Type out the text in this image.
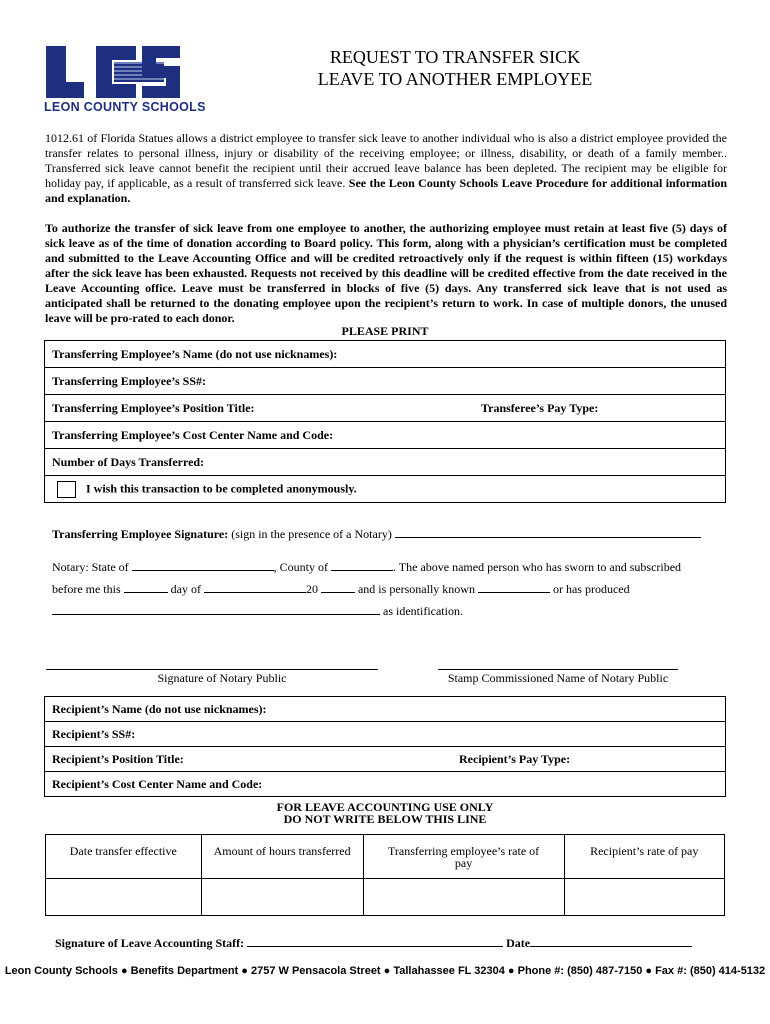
LEON COUNTY SCHOOLS
REQUEST TO TRANSFER SICK
LEAVE TO ANOTHER EMPLOYEE
1012.61 of Florida Statues allows a district employee to transfer sick leave to another individual who is also a district employee provided the transfer relates to personal illness, injury or disability of the receiving employee; or illness, disability, or death of a family member.. Transferred sick leave cannot benefit the recipient until their accrued leave balance has been depleted. The recipient may be eligible for holiday pay, if applicable, as a result of transferred sick leave. See the Leon County Schools Leave Procedure for additional information and explanation.
To authorize the transfer of sick leave from one employee to another, the authorizing employee must retain at least five (5) days of sick leave as of the time of donation according to Board policy. This form, along with a physician’s certification must be completed and submitted to the Leave Accounting Office and will be credited retroactively only if the request is within fifteen (15) workdays after the sick leave has been exhausted. Requests not received by this deadline will be credited effective from the date received in the Leave Accounting office. Leave must be transferred in blocks of five (5) days. Any transferred sick leave that is not used as anticipated shall be returned to the donating employee upon the recipient’s return to work. In case of multiple donors, the unused leave will be pro-rated to each donor.
PLEASE PRINT
Transferring Employee’s Name (do not use nicknames):
Transferring Employee’s SS#:
Transferring Employee’s Position Title:	Transferee’s Pay Type:

Transferring Employee’s Cost Center Name and Code:
Number of Days Transferred:
I wish this transaction to be completed anonymously.
Transferring Employee Signature: (sign in the presence of a Notary)
Notary: State of	, County of	. The above named person who has sworn to and subscribed
before me this	day of	20	and is personally known	or has produced
as identification.
Signature of Notary Public	Stamp Commissioned Name of Notary Public
Recipient’s Name (do not use nicknames):
Recipient’s SS#:
Recipient’s Position Title:	Recipient’s Pay Type:

Recipient’s Cost Center Name and Code:
FOR LEAVE ACCOUNTING USE ONLY
DO NOT WRITE BELOW THIS LINE
Date transfer effective	Amount of hours transferred	Transferring employee’s rate of pay	Recipient’s rate of pay

Signature of Leave Accounting Staff:	Date
Leon County Schools ● Benefits Department ● 2757 W Pensacola Street ● Tallahassee FL 32304 ● Phone #: (850) 487-7150 ● Fax #: (850) 414-5132
